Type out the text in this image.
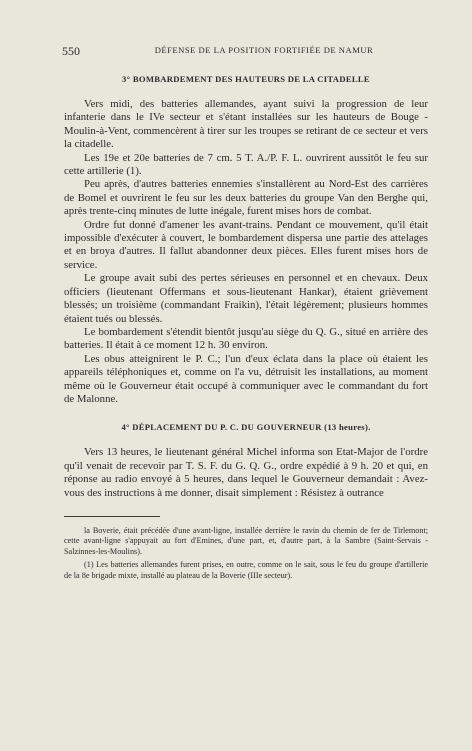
550	DÉFENSE DE LA POSITION FORTIFIÉE DE NAMUR
3° BOMBARDEMENT DES HAUTEURS DE LA CITADELLE

Vers midi, des batteries allemandes, ayant suivi la progression de leur infanterie dans le IVe secteur et s'étant installées sur les hauteurs de Bouge - Moulin-à-Vent, commencèrent à tirer sur les troupes se retirant de ce secteur et vers la citadelle.

Les 19e et 20e batteries de 7 cm. 5 T. A./P. F. L. ouvrirent aussitôt le feu sur cette artillerie (1).

Peu après, d'autres batteries ennemies s'installèrent au Nord-Est des carrières de Bomel et ouvrirent le feu sur les deux batteries du groupe Van den Berghe qui, après trente-cinq minutes de lutte inégale, furent mises hors de combat.

Ordre fut donné d'amener les avant-trains. Pendant ce mouvement, qu'il était impossible d'exécuter à couvert, le bombardement dispersa une partie des attelages et en broya d'autres. Il fallut abandonner deux pièces. Elles furent mises hors de service.

Le groupe avait subi des pertes sérieuses en personnel et en chevaux. Deux officiers (lieutenant Offermans et sous-lieutenant Hankar), étaient grièvement blessés; un troisième (commandant Fraikin), l'était légèrement; plusieurs hommes étaient tués ou blessés.

Le bombardement s'étendit bientôt jusqu'au siège du Q. G., situé en arrière des batteries. Il était à ce moment 12 h. 30 environ.

Les obus atteignirent le P. C.; l'un d'eux éclata dans la place où étaient les appareils téléphoniques et, comme on l'a vu, détruisit les installations, au moment même où le Gouverneur était occupé à communiquer avec le commandant du fort de Malonne.

4° DÉPLACEMENT DU P. C. DU GOUVERNEUR (13 heures).

Vers 13 heures, le lieutenant général Michel informa son Etat-Major de l'ordre qu'il venait de recevoir par T. S. F. du G. Q. G., ordre expédié à 9 h. 20 et qui, en réponse au radio envoyé à 5 heures, dans lequel le Gouverneur demandait : Avez-vous des instructions à me donner, disait simplement : Résistez à outrance

la Boverie, était précédée d'une avant-ligne, installée derrière le ravin du chemin de fer de Tirlemont; cette avant-ligne s'appuyait au fort d'Emines, d'une part, et, d'autre part, à la Sambre (Saint-Servais - Salzinnes-les-Moulins).

(1) Les batteries allemandes furent prises, en outre, comme on le sait, sous le feu du groupe d'artillerie de la 8e brigade mixte, installé au plateau de la Boverie (IIIe secteur).
